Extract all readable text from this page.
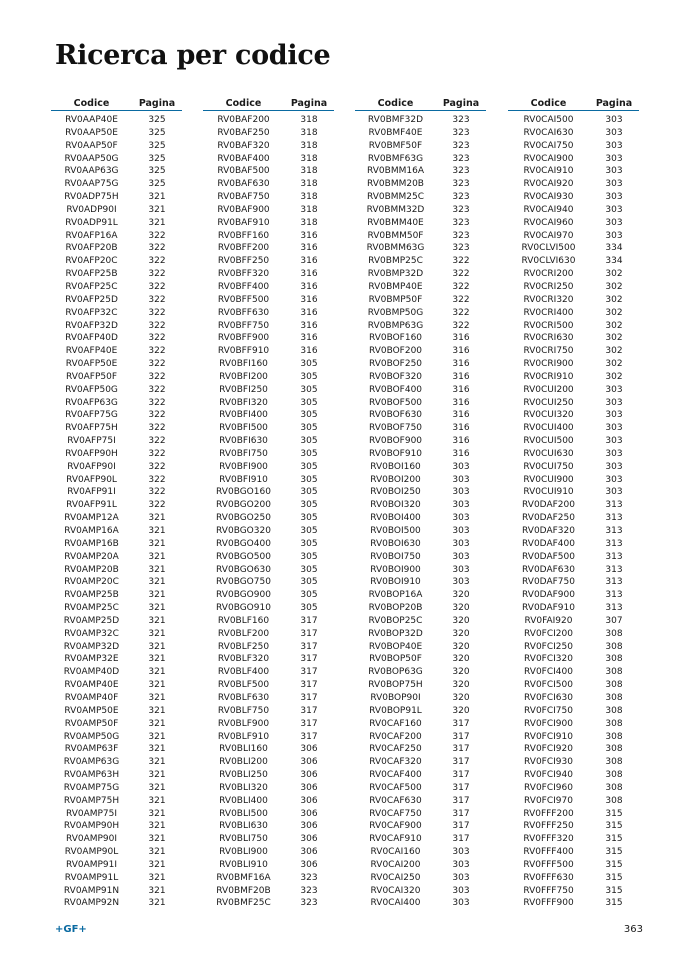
Ricerca per codice
Codice	Pagina
RV0AAP40E	325
RV0AAP50E	325
RV0AAP50F	325
RV0AAP50G	325
RV0AAP63G	325
RV0AAP75G	325
RV0ADP75H	321
RV0ADP90I	321
RV0ADP91L	321
RV0AFP16A	322
RV0AFP20B	322
RV0AFP20C	322
RV0AFP25B	322
RV0AFP25C	322
RV0AFP25D	322
RV0AFP32C	322
RV0AFP32D	322
RV0AFP40D	322
RV0AFP40E	322
RV0AFP50E	322
RV0AFP50F	322
RV0AFP50G	322
RV0AFP63G	322
RV0AFP75G	322
RV0AFP75H	322
RV0AFP75I	322
RV0AFP90H	322
RV0AFP90I	322
RV0AFP90L	322
RV0AFP91I	322
RV0AFP91L	322
RV0AMP12A	321
RV0AMP16A	321
RV0AMP16B	321
RV0AMP20A	321
RV0AMP20B	321
RV0AMP20C	321
RV0AMP25B	321
RV0AMP25C	321
RV0AMP25D	321
RV0AMP32C	321
RV0AMP32D	321
RV0AMP32E	321
RV0AMP40D	321
RV0AMP40E	321
RV0AMP40F	321
RV0AMP50E	321
RV0AMP50F	321
RV0AMP50G	321
RV0AMP63F	321
RV0AMP63G	321
RV0AMP63H	321
RV0AMP75G	321
RV0AMP75H	321
RV0AMP75I	321
RV0AMP90H	321
RV0AMP90I	321
RV0AMP90L	321
RV0AMP91I	321
RV0AMP91L	321
RV0AMP91N	321
RV0AMP92N	321
Codice	Pagina
RV0BAF200	318
RV0BAF250	318
RV0BAF320	318
RV0BAF400	318
RV0BAF500	318
RV0BAF630	318
RV0BAF750	318
RV0BAF900	318
RV0BAF910	318
RV0BFF160	316
RV0BFF200	316
RV0BFF250	316
RV0BFF320	316
RV0BFF400	316
RV0BFF500	316
RV0BFF630	316
RV0BFF750	316
RV0BFF900	316
RV0BFF910	316
RV0BFI160	305
RV0BFI200	305
RV0BFI250	305
RV0BFI320	305
RV0BFI400	305
RV0BFI500	305
RV0BFI630	305
RV0BFI750	305
RV0BFI900	305
RV0BFI910	305
RV0BGO160	305
RV0BGO200	305
RV0BGO250	305
RV0BGO320	305
RV0BGO400	305
RV0BGO500	305
RV0BGO630	305
RV0BGO750	305
RV0BGO900	305
RV0BGO910	305
RV0BLF160	317
RV0BLF200	317
RV0BLF250	317
RV0BLF320	317
RV0BLF400	317
RV0BLF500	317
RV0BLF630	317
RV0BLF750	317
RV0BLF900	317
RV0BLF910	317
RV0BLI160	306
RV0BLI200	306
RV0BLI250	306
RV0BLI320	306
RV0BLI400	306
RV0BLI500	306
RV0BLI630	306
RV0BLI750	306
RV0BLI900	306
RV0BLI910	306
RV0BMF16A	323
RV0BMF20B	323
RV0BMF25C	323
Codice	Pagina
RV0BMF32D	323
RV0BMF40E	323
RV0BMF50F	323
RV0BMF63G	323
RV0BMM16A	323
RV0BMM20B	323
RV0BMM25C	323
RV0BMM32D	323
RV0BMM40E	323
RV0BMM50F	323
RV0BMM63G	323
RV0BMP25C	322
RV0BMP32D	322
RV0BMP40E	322
RV0BMP50F	322
RV0BMP50G	322
RV0BMP63G	322
RV0BOF160	316
RV0BOF200	316
RV0BOF250	316
RV0BOF320	316
RV0BOF400	316
RV0BOF500	316
RV0BOF630	316
RV0BOF750	316
RV0BOF900	316
RV0BOF910	316
RV0BOI160	303
RV0BOI200	303
RV0BOI250	303
RV0BOI320	303
RV0BOI400	303
RV0BOI500	303
RV0BOI630	303
RV0BOI750	303
RV0BOI900	303
RV0BOI910	303
RV0BOP16A	320
RV0BOP20B	320
RV0BOP25C	320
RV0BOP32D	320
RV0BOP40E	320
RV0BOP50F	320
RV0BOP63G	320
RV0BOP75H	320
RV0BOP90I	320
RV0BOP91L	320
RV0CAF160	317
RV0CAF200	317
RV0CAF250	317
RV0CAF320	317
RV0CAF400	317
RV0CAF500	317
RV0CAF630	317
RV0CAF750	317
RV0CAF900	317
RV0CAF910	317
RV0CAI160	303
RV0CAI200	303
RV0CAI250	303
RV0CAI320	303
RV0CAI400	303
Codice	Pagina
RV0CAI500	303
RV0CAI630	303
RV0CAI750	303
RV0CAI900	303
RV0CAI910	303
RV0CAI920	303
RV0CAI930	303
RV0CAI940	303
RV0CAI960	303
RV0CAI970	303
RV0CLVI500	334
RV0CLVI630	334
RV0CRI200	302
RV0CRI250	302
RV0CRI320	302
RV0CRI400	302
RV0CRI500	302
RV0CRI630	302
RV0CRI750	302
RV0CRI900	302
RV0CRI910	302
RV0CUI200	303
RV0CUI250	303
RV0CUI320	303
RV0CUI400	303
RV0CUI500	303
RV0CUI630	303
RV0CUI750	303
RV0CUI900	303
RV0CUI910	303
RV0DAF200	313
RV0DAF250	313
RV0DAF320	313
RV0DAF400	313
RV0DAF500	313
RV0DAF630	313
RV0DAF750	313
RV0DAF900	313
RV0DAF910	313
RV0FAI920	307
RV0FCI200	308
RV0FCI250	308
RV0FCI320	308
RV0FCI400	308
RV0FCI500	308
RV0FCI630	308
RV0FCI750	308
RV0FCI900	308
RV0FCI910	308
RV0FCI920	308
RV0FCI930	308
RV0FCI940	308
RV0FCI960	308
RV0FCI970	308
RV0FFF200	315
RV0FFF250	315
RV0FFF320	315
RV0FFF400	315
RV0FFF500	315
RV0FFF630	315
RV0FFF750	315
RV0FFF900	315
+GF+	363
